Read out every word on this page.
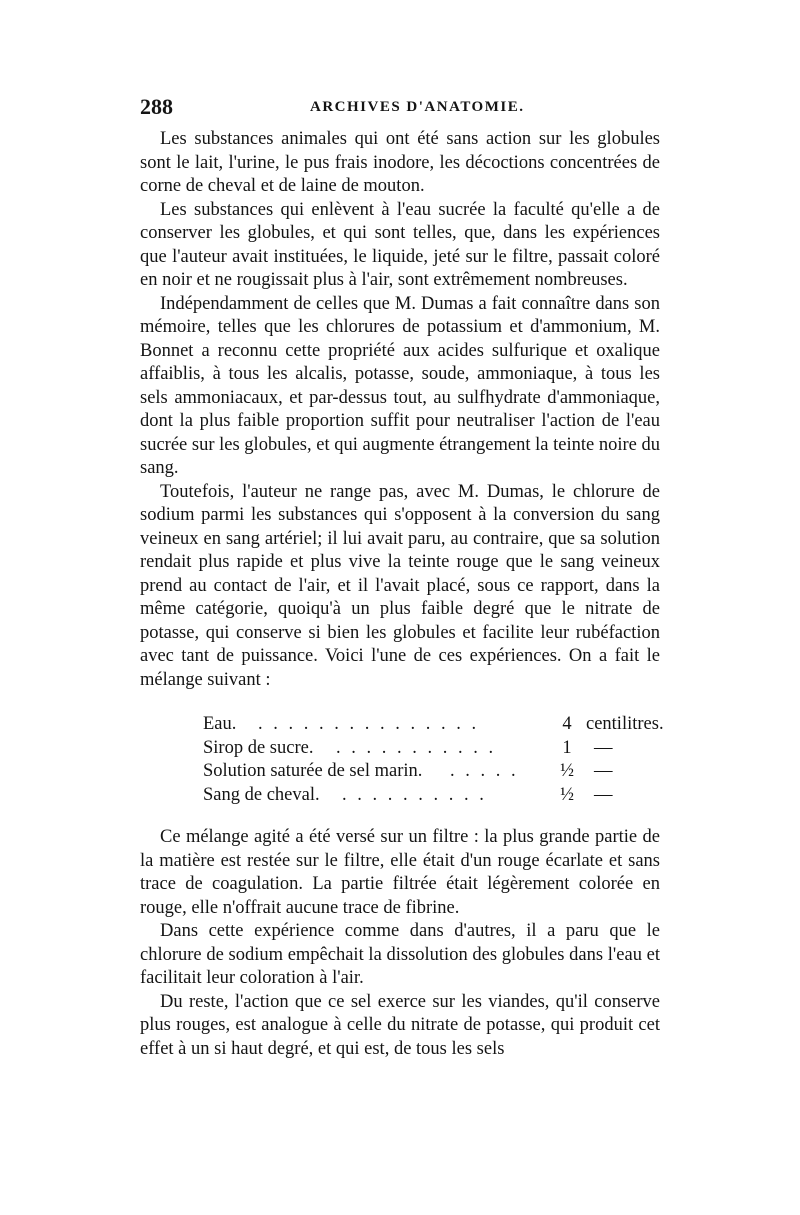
288	ARCHIVES D'ANATOMIE.

Les substances animales qui ont été sans action sur les globules sont le lait, l'urine, le pus frais inodore, les décoctions concentrées de corne de cheval et de laine de mouton.

Les substances qui enlèvent à l'eau sucrée la faculté qu'elle a de conserver les globules, et qui sont telles, que, dans les expériences que l'auteur avait instituées, le liquide, jeté sur le filtre, passait coloré en noir et ne rougissait plus à l'air, sont extrêmement nombreuses.

Indépendamment de celles que M. Dumas a fait connaître dans son mémoire, telles que les chlorures de potassium et d'ammonium, M. Bonnet a reconnu cette propriété aux acides sulfurique et oxalique affaiblis, à tous les alcalis, potasse, soude, ammoniaque, à tous les sels ammoniacaux, et par-dessus tout, au sulfhydrate d'ammoniaque, dont la plus faible proportion suffit pour neutraliser l'action de l'eau sucrée sur les globules, et qui augmente étrangement la teinte noire du sang.

Toutefois, l'auteur ne range pas, avec M. Dumas, le chlorure de sodium parmi les substances qui s'opposent à la conversion du sang veineux en sang artériel; il lui avait paru, au contraire, que sa solution rendait plus rapide et plus vive la teinte rouge que le sang veineux prend au contact de l'air, et il l'avait placé, sous ce rapport, dans la même catégorie, quoiqu'à un plus faible degré que le nitrate de potasse, qui conserve si bien les globules et facilite leur rubéfaction avec tant de puissance. Voici l'une de ces expériences. On a fait le mélange suivant :

Eau. . . . . . . . . . . . . . . .	4 centilitres.
Sirop de sucre. . . . . . . . . . . .	1	—
Solution saturée de sel marin. . . . . . ½ —
Sang de cheval. . . . . . . . . . .	½ —

Ce mélange agité a été versé sur un filtre : la plus grande partie de la matière est restée sur le filtre, elle était d'un rouge écarlate et sans trace de coagulation. La partie filtrée était légèrement colorée en rouge, elle n'offrait aucune trace de fibrine.

Dans cette expérience comme dans d'autres, il a paru que le chlorure de sodium empêchait la dissolution des globules dans l'eau et facilitait leur coloration à l'air.

Du reste, l'action que ce sel exerce sur les viandes, qu'il conserve plus rouges, est analogue à celle du nitrate de potasse, qui produit cet effet à un si haut degré, et qui est, de tous les sels
